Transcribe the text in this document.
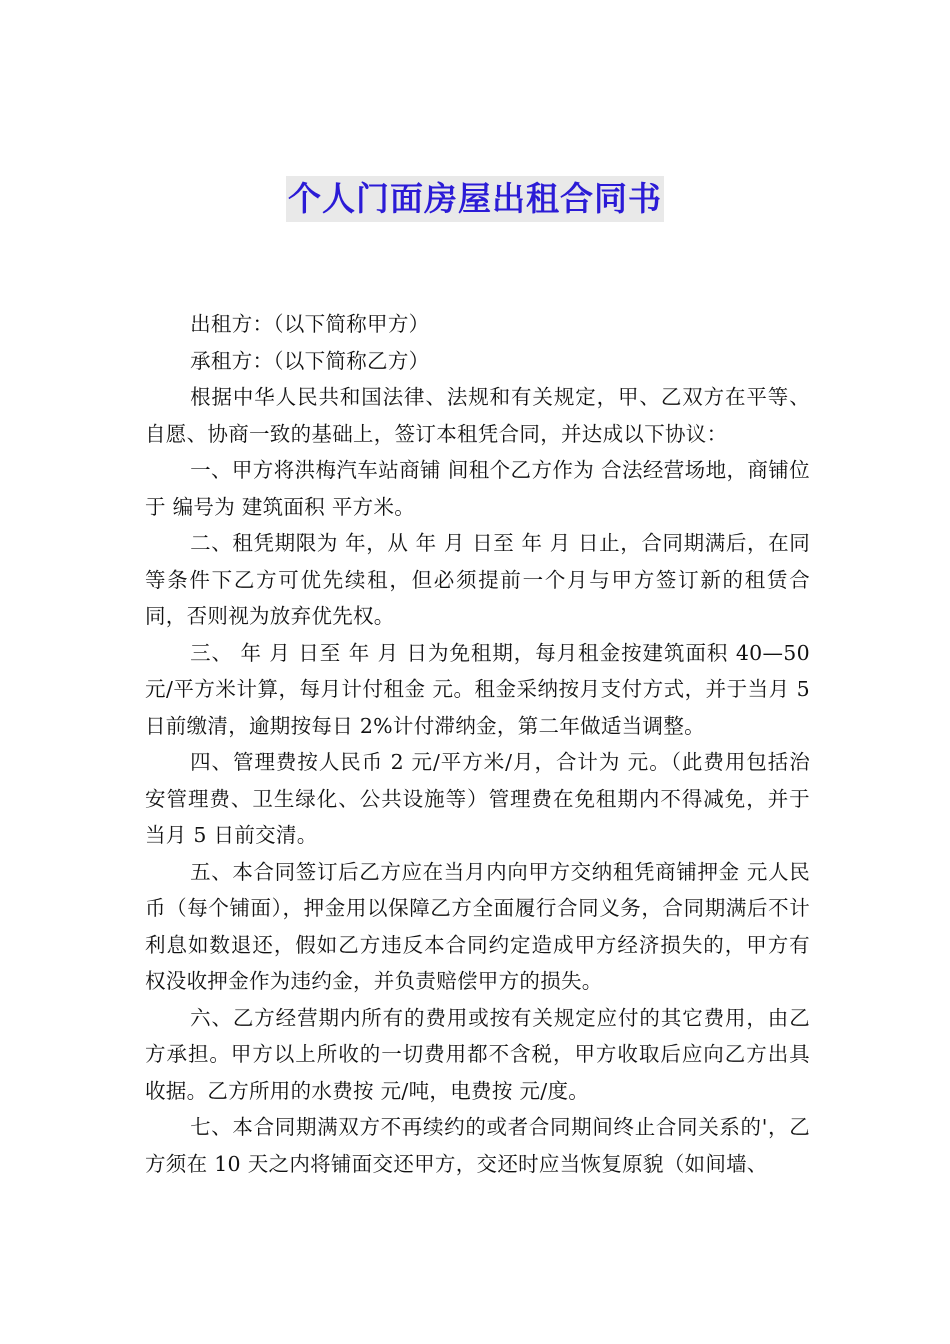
个人门面房屋出租合同书

出租方：（以下简称甲方）

承租方：（以下简称乙方）

根据中华人民共和国法律、法规和有关规定，甲、乙双方在平等、自愿、协商一致的基础上，签订本租凭合同，并达成以下协议：

一、甲方将洪梅汽车站商铺 间租个乙方作为 合法经营场地，商铺位于 编号为 建筑面积 平方米。

二、租凭期限为 年，从 年 月 日至 年 月 日止，合同期满后，在同等条件下乙方可优先续租，但必须提前一个月与甲方签订新的租赁合同，否则视为放弃优先权。

三、 年 月 日至 年 月 日为免租期，每月租金按建筑面积 40—50 元/平方米计算，每月计付租金 元。租金采纳按月支付方式，并于当月 5 日前缴清，逾期按每日 2%计付滞纳金，第二年做适当调整。

四、管理费按人民币 2 元/平方米/月，合计为 元。（此费用包括治安管理费、卫生绿化、公共设施等）管理费在免租期内不得减免，并于当月 5 日前交清。

五、本合同签订后乙方应在当月内向甲方交纳租凭商铺押金 元人民币（每个铺面），押金用以保障乙方全面履行合同义务，合同期满后不计利息如数退还，假如乙方违反本合同约定造成甲方经济损失的，甲方有权没收押金作为违约金，并负责赔偿甲方的损失。

六、乙方经营期内所有的费用或按有关规定应付的其它费用，由乙方承担。甲方以上所收的一切费用都不含税，甲方收取后应向乙方出具收据。乙方所用的水费按 元/吨，电费按 元/度。

七、本合同期满双方不再续约的或者合同期间终止合同关系的'，乙方须在 10 天之内将铺面交还甲方，交还时应当恢复原貌（如间墙、
